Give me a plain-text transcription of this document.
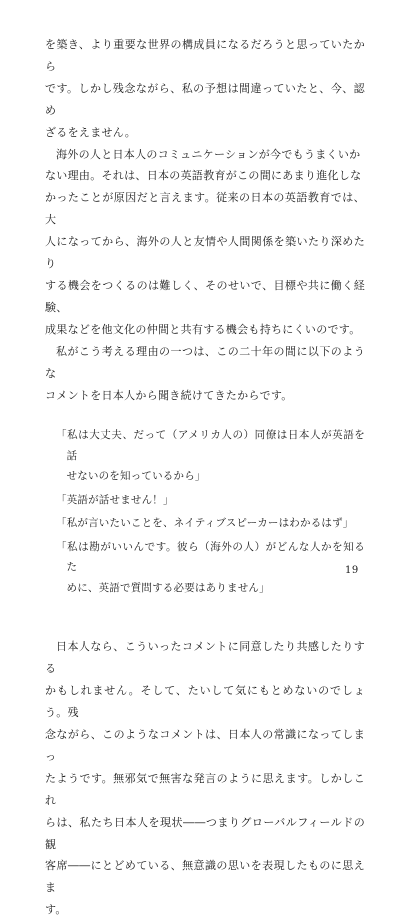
を築き、より重要な世界の構成員になるだろうと思っていたから
です。しかし残念ながら、私の予想は間違っていたと、今、認め
ざるをえません。

海外の人と日本人のコミュニケーションが今でもうまくいか
ない理由。それは、日本の英語教育がこの間にあまり進化しな
かったことが原因だと言えます。従来の日本の英語教育では、大
人になってから、海外の人と友情や人間関係を築いたり深めたり
する機会をつくるのは難しく、そのせいで、目標や共に働く経験、
成果などを他文化の仲間と共有する機会も持ちにくいのです。

私がこう考える理由の一つは、この二十年の間に以下のような
コメントを日本人から聞き続けてきたからです。

「私は大丈夫、だって（アメリカ人の）同僚は日本人が英語を話
せないのを知っているから」
「英語が話せません！」
「私が言いたいことを、ネイティブスピーカーはわかるはず」
「私は勘がいいんです。彼ら（海外の人）がどんな人かを知るた
めに、英語で質問する必要はありません」

日本人なら、こういったコメントに同意したり共感したりする
かもしれません。そして、たいして気にもとめないのでしょう。残
念ながら、このようなコメントは、日本人の常識になってしまっ
たようです。無邪気で無害な発言のように思えます。しかしこれ
らは、私たち日本人を現状――つまりグローバルフィールドの観
客席――にとどめている、無意識の思いを表現したものに思えま
す。

19
